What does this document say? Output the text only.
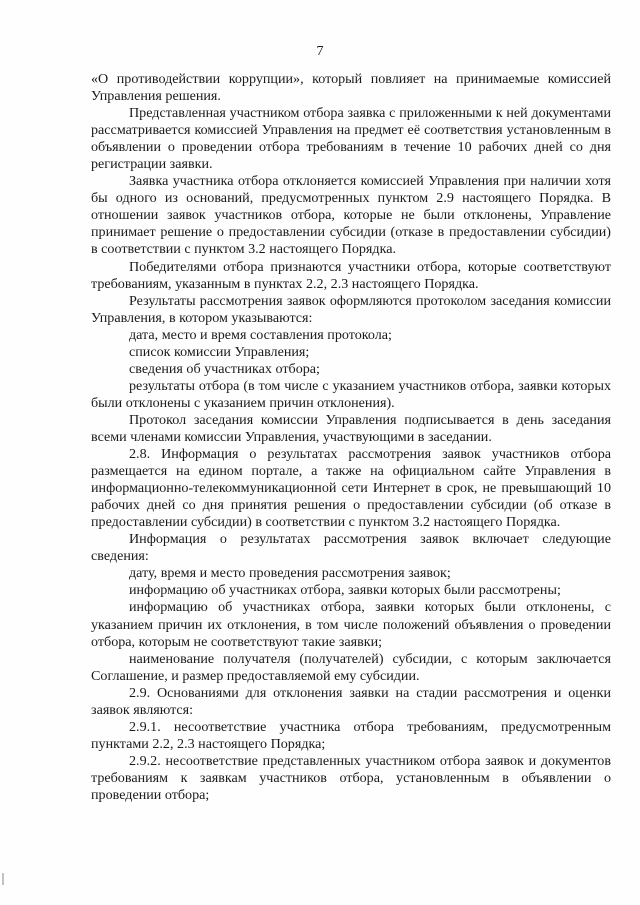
7

«О противодействии коррупции», который повлияет на принимаемые комиссией Управления решения.

Представленная участником отбора заявка с приложенными к ней документами рассматривается комиссией Управления на предмет её соответствия установленным в объявлении о проведении отбора требованиям в течение 10 рабочих дней со дня регистрации заявки.

Заявка участника отбора отклоняется комиссией Управления при наличии хотя бы одного из оснований, предусмотренных пунктом 2.9 настоящего Порядка. В отношении заявок участников отбора, которые не были отклонены, Управление принимает решение о предоставлении субсидии (отказе в предоставлении субсидии) в соответствии с пунктом 3.2 настоящего Порядка.

Победителями отбора признаются участники отбора, которые соответствуют требованиям, указанным в пунктах 2.2, 2.3 настоящего Порядка.

Результаты рассмотрения заявок оформляются протоколом заседания комиссии Управления, в котором указываются:

дата, место и время составления протокола;

список комиссии Управления;

сведения об участниках отбора;

результаты отбора (в том числе с указанием участников отбора, заявки которых были отклонены с указанием причин отклонения).

Протокол заседания комиссии Управления подписывается в день заседания всеми членами комиссии Управления, участвующими в заседании.

2.8. Информация о результатах рассмотрения заявок участников отбора размещается на едином портале, а также на официальном сайте Управления в информационно-телекоммуникационной сети Интернет в срок, не превышающий 10 рабочих дней со дня принятия решения о предоставлении субсидии (об отказе в предоставлении субсидии) в соответствии с пунктом 3.2 настоящего Порядка.

Информация о результатах рассмотрения заявок включает следующие сведения:

дату, время и место проведения рассмотрения заявок;

информацию об участниках отбора, заявки которых были рассмотрены;

информацию об участниках отбора, заявки которых были отклонены, с указанием причин их отклонения, в том числе положений объявления о проведении отбора, которым не соответствуют такие заявки;

наименование получателя (получателей) субсидии, с которым заключается Соглашение, и размер предоставляемой ему субсидии.

2.9. Основаниями для отклонения заявки на стадии рассмотрения и оценки заявок являются:

2.9.1. несоответствие участника отбора требованиям, предусмотренным пунктами 2.2, 2.3 настоящего Порядка;

2.9.2. несоответствие представленных участником отбора заявок и документов требованиям к заявкам участников отбора, установленным в объявлении о проведении отбора;
